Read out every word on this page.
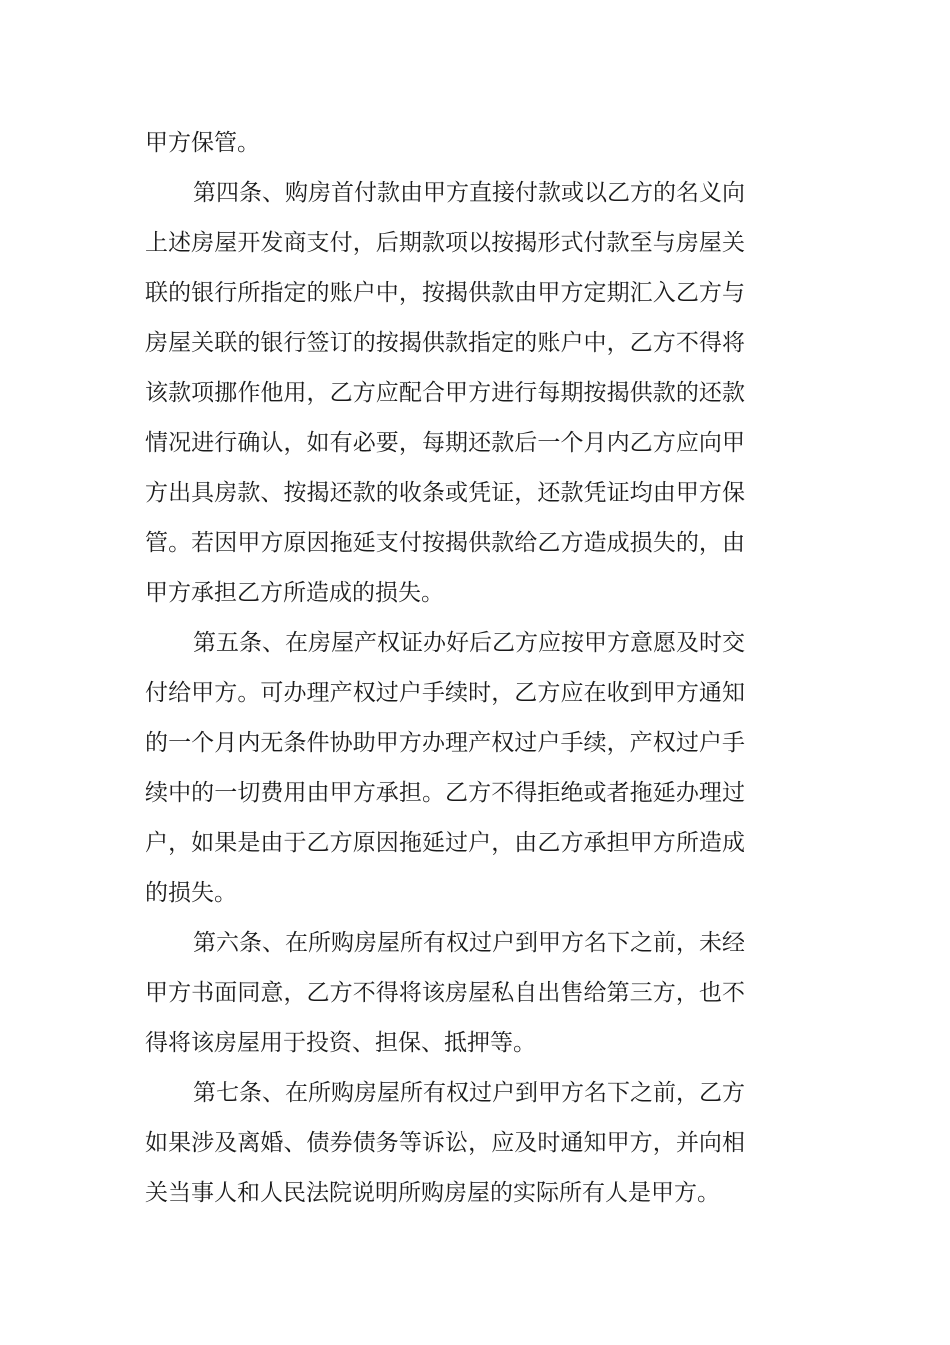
甲方保管。
第四条、购房首付款由甲方直接付款或以乙方的名义向
上述房屋开发商支付，后期款项以按揭形式付款至与房屋关
联的银行所指定的账户中，按揭供款由甲方定期汇入乙方与
房屋关联的银行签订的按揭供款指定的账户中，乙方不得将
该款项挪作他用，乙方应配合甲方进行每期按揭供款的还款
情况进行确认，如有必要，每期还款后一个月内乙方应向甲
方出具房款、按揭还款的收条或凭证，还款凭证均由甲方保
管。若因甲方原因拖延支付按揭供款给乙方造成损失的，由
甲方承担乙方所造成的损失。
第五条、在房屋产权证办好后乙方应按甲方意愿及时交
付给甲方。可办理产权过户手续时，乙方应在收到甲方通知
的一个月内无条件协助甲方办理产权过户手续，产权过户手
续中的一切费用由甲方承担。乙方不得拒绝或者拖延办理过
户，如果是由于乙方原因拖延过户，由乙方承担甲方所造成
的损失。
第六条、在所购房屋所有权过户到甲方名下之前，未经
甲方书面同意，乙方不得将该房屋私自出售给第三方，也不
得将该房屋用于投资、担保、抵押等。
第七条、在所购房屋所有权过户到甲方名下之前，乙方
如果涉及离婚、债券债务等诉讼，应及时通知甲方，并向相
关当事人和人民法院说明所购房屋的实际所有人是甲方。
